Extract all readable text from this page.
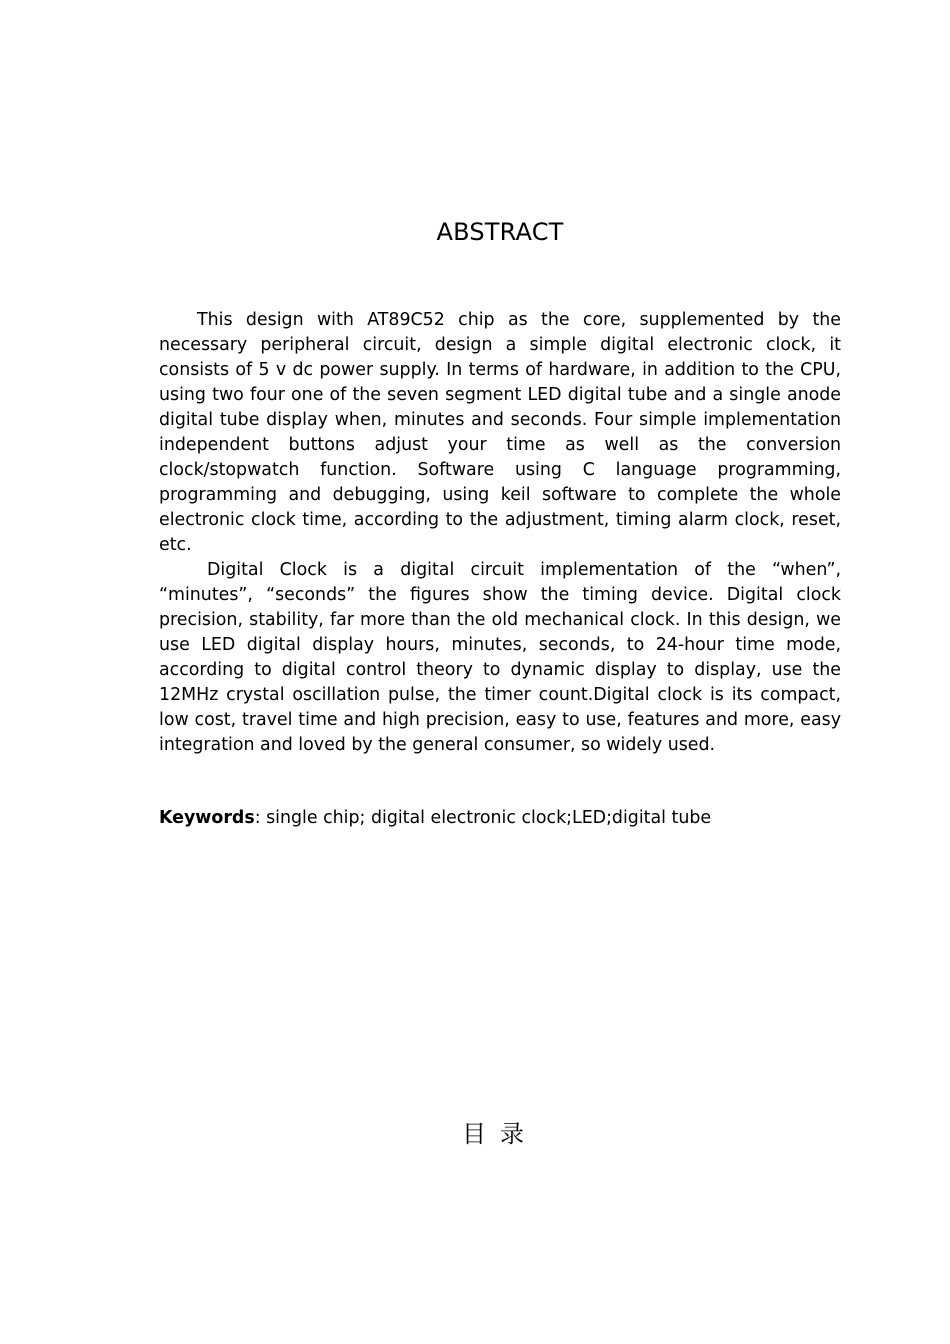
ABSTRACT

This design with AT89C52 chip as the core, supplemented by the necessary peripheral circuit, design a simple digital electronic clock, it consists of 5 v dc power supply. In terms of hardware, in addition to the CPU, using two four one of the seven segment LED digital tube and a single anode digital tube display when, minutes and seconds. Four simple implementation independent buttons adjust your time as well as the conversion clock/stopwatch function. Software using C language programming, programming and debugging, using keil software to complete the whole electronic clock time, according to the adjustment, timing alarm clock, reset, etc.

Digital Clock is a digital circuit implementation of the “when”, “minutes”, “seconds” the figures show the timing device. Digital clock precision, stability, far more than the old mechanical clock. In this design, we use LED digital display hours, minutes, seconds, to 24-hour time mode, according to digital control theory to dynamic display to display, use the 12MHz crystal oscillation pulse, the timer count.Digital clock is its compact, low cost, travel time and high precision, easy to use, features and more, easy integration and loved by the general consumer, so widely used.

Keywords: single chip; digital electronic clock;LED;digital tube
目录
